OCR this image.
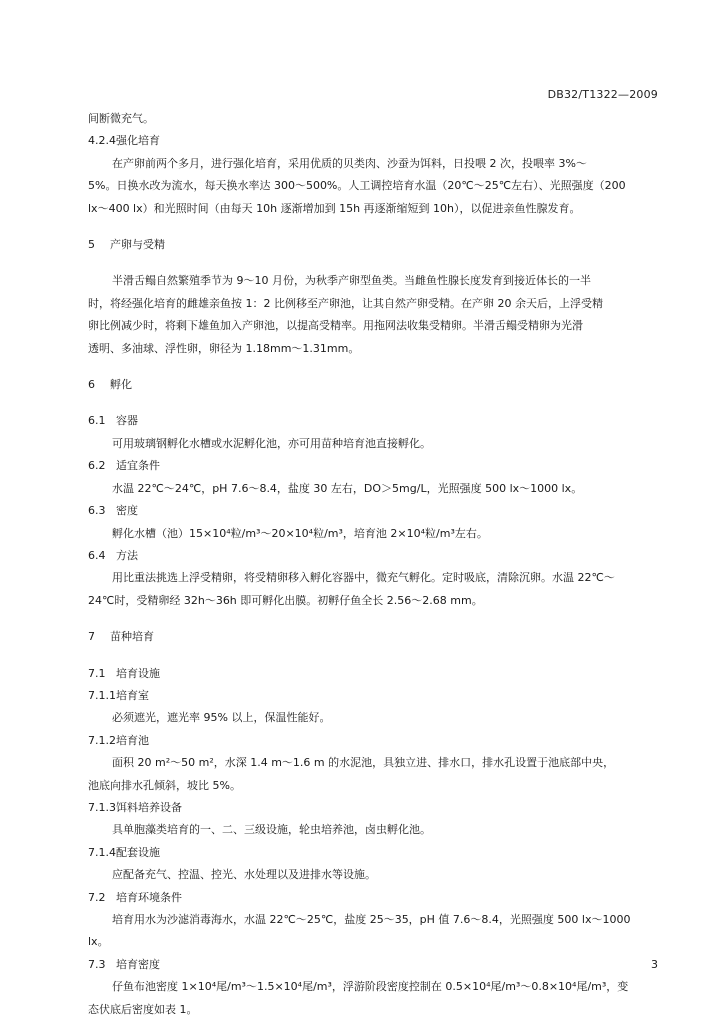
DB32/T1322—2009
间断微充气。
4.2.4强化培育
在产卵前两个多月，进行强化培育，采用优质的贝类肉、沙蚕为饵料，日投喂 2 次，投喂率 3%～
5%。日换水改为流水，每天换水率达 300～500%。人工调控培育水温（20℃～25℃左右）、光照强度（200
lx～400 lx）和光照时间（由每天 10h 逐渐增加到 15h 再逐渐缩短到 10h），以促进亲鱼性腺发育。
5 产卵与受精
半滑舌鳎自然繁殖季节为 9～10 月份，为秋季产卵型鱼类。当雌鱼性腺长度发育到接近体长的一半
时，将经强化培育的雌雄亲鱼按 1：2 比例移至产卵池，让其自然产卵受精。在产卵 20 余天后，上浮受精
卵比例减少时，将剩下雄鱼加入产卵池，以提高受精率。用拖网法收集受精卵。半滑舌鳎受精卵为光滑
透明、多油球、浮性卵，卵径为 1.18mm～1.31mm。
6 孵化
6.1 容器
可用玻璃钢孵化水槽或水泥孵化池，亦可用苗种培育池直接孵化。
6.2 适宜条件
水温 22℃～24℃，pH 7.6～8.4，盐度 30 左右，DO＞5mg/L，光照强度 500 lx～1000 lx。
6.3 密度
孵化水槽（池）15×10⁴粒/m³～20×10⁴粒/m³，培育池 2×10⁴粒/m³左右。
6.4 方法
用比重法挑选上浮受精卵，将受精卵移入孵化容器中，微充气孵化。定时吸底，清除沉卵。水温 22℃～
24℃时，受精卵经 32h～36h 即可孵化出膜。初孵仔鱼全长 2.56～2.68 mm。
7 苗种培育
7.1 培育设施
7.1.1培育室
必须遮光，遮光率 95% 以上，保温性能好。
7.1.2培育池
面积 20 m²～50 m²，水深 1.4 m～1.6 m 的水泥池，具独立进、排水口，排水孔设置于池底部中央，
池底向排水孔倾斜，坡比 5%。
7.1.3饵料培养设备
具单胞藻类培育的一、二、三级设施，轮虫培养池，卤虫孵化池。
7.1.4配套设施
应配备充气、控温、控光、水处理以及进排水等设施。
7.2 培育环境条件
培育用水为沙滤消毒海水，水温 22℃～25℃，盐度 25～35，pH 值 7.6～8.4，光照强度 500 lx～1000
lx。
7.3 培育密度
仔鱼布池密度 1×10⁴尾/m³～1.5×10⁴尾/m³，浮游阶段密度控制在 0.5×10⁴尾/m³～0.8×10⁴尾/m³，变
态伏底后密度如表 1。
3
